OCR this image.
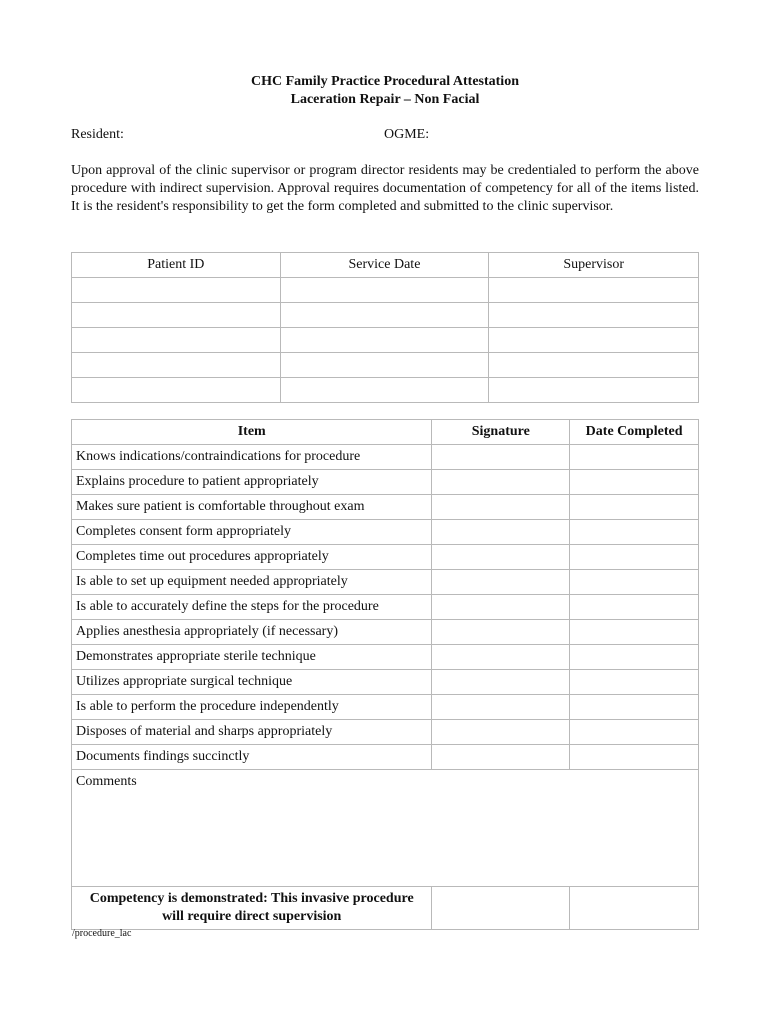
CHC Family Practice Procedural Attestation
Laceration Repair – Non Facial
Resident:	OGME:

Upon approval of the clinic supervisor or program director residents may be credentialed to perform the above procedure with indirect supervision. Approval requires documentation of competency for all of the items listed. It is the resident's responsibility to get the form completed and submitted to the clinic supervisor.

Patient ID	Service Date	Supervisor

Item	Signature	Date Completed
Knows indications/contraindications for procedure		
Explains procedure to patient appropriately		
Makes sure patient is comfortable throughout exam		
Completes consent form appropriately		
Completes time out procedures appropriately		
Is able to set up equipment needed appropriately		
Is able to accurately define the steps for the procedure		
Applies anesthesia appropriately (if necessary)		
Demonstrates appropriate sterile technique		
Utilizes appropriate surgical technique		
Is able to perform the procedure independently		
Disposes of material and sharps appropriately		
Documents findings succinctly		
Comments		
Competency is demonstrated: This invasive procedure
will require direct supervision		
/procedure_lac
